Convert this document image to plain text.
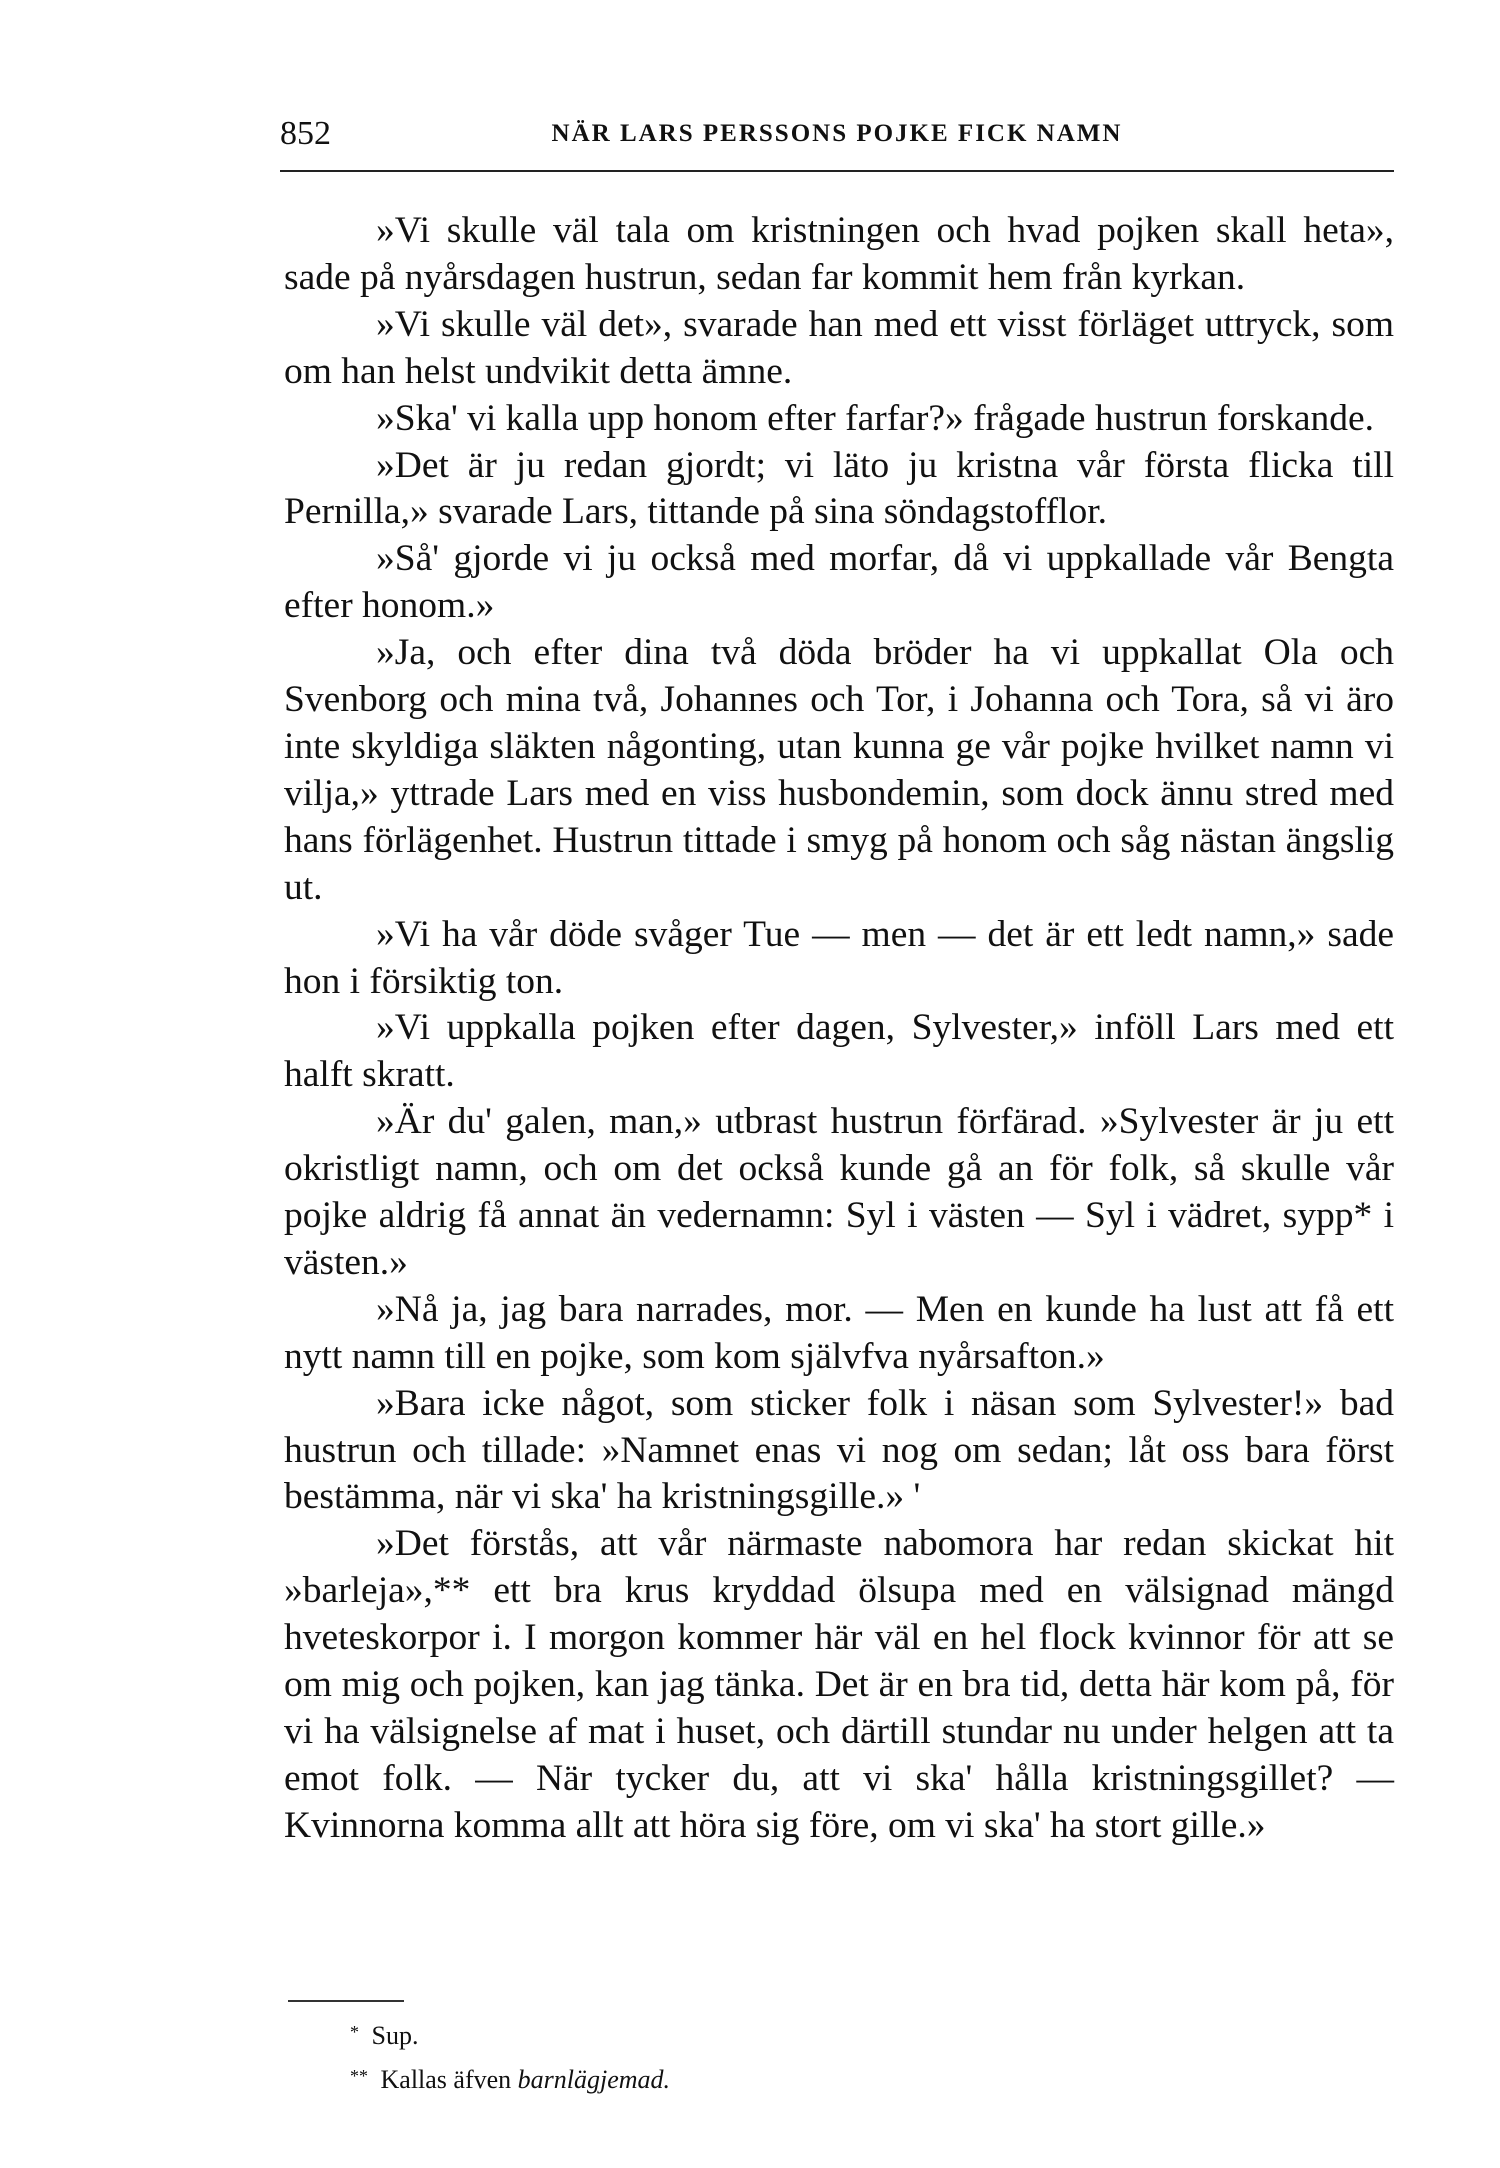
852	NÄR LARS PERSSONS POJKE FICK NAMN

»Vi skulle väl tala om kristningen och hvad pojken skall heta», sade på nyårsdagen hustrun, sedan far kommit hem från kyrkan.

»Vi skulle väl det», svarade han med ett visst förläget uttryck, som om han helst undvikit detta ämne.

»Ska' vi kalla upp honom efter farfar?» frågade hustrun forskande.

»Det är ju redan gjordt; vi läto ju kristna vår första flicka till Pernilla,» svarade Lars, tittande på sina söndagstofflor.

»Så' gjorde vi ju också med morfar, då vi uppkallade vår Bengta efter honom.»

»Ja, och efter dina två döda bröder ha vi uppkallat Ola och Svenborg och mina två, Johannes och Tor, i Johanna och Tora, så vi äro inte skyldiga släkten någonting, utan kunna ge vår pojke hvilket namn vi vilja,» yttrade Lars med en viss husbondemin, som dock ännu stred med hans förlägenhet. Hustrun tittade i smyg på honom och såg nästan ängslig ut.

»Vi ha vår döde svåger Tue — men — det är ett ledt namn,» sade hon i försiktig ton.

»Vi uppkalla pojken efter dagen, Sylvester,» inföll Lars med ett halft skratt.

»Är du' galen, man,» utbrast hustrun förfärad. »Sylvester är ju ett okristligt namn, och om det också kunde gå an för folk, så skulle vår pojke aldrig få annat än vedernamn: Syl i västen — Syl i vädret, sypp* i västen.»

»Nå ja, jag bara narrades, mor. — Men en kunde ha lust att få ett nytt namn till en pojke, som kom självfva nyårsafton.»

»Bara icke något, som sticker folk i näsan som Sylvester!» bad hustrun och tillade: »Namnet enas vi nog om sedan; låt oss bara först bestämma, när vi ska' ha kristningsgille.» '

»Det förstås, att vår närmaste nabomora har redan skickat hit »barleja»,** ett bra krus kryddad ölsupa med en välsignad mängd hveteskorpor i. I morgon kommer här väl en hel flock kvinnor för att se om mig och pojken, kan jag tänka. Det är en bra tid, detta här kom på, för vi ha välsignelse af mat i huset, och därtill stundar nu under helgen att ta emot folk. — När tycker du, att vi ska' hålla kristningsgillet? — Kvinnorna komma allt att höra sig före, om vi ska' ha stort gille.»

* Sup.
** Kallas äfven barnlägjemad.
